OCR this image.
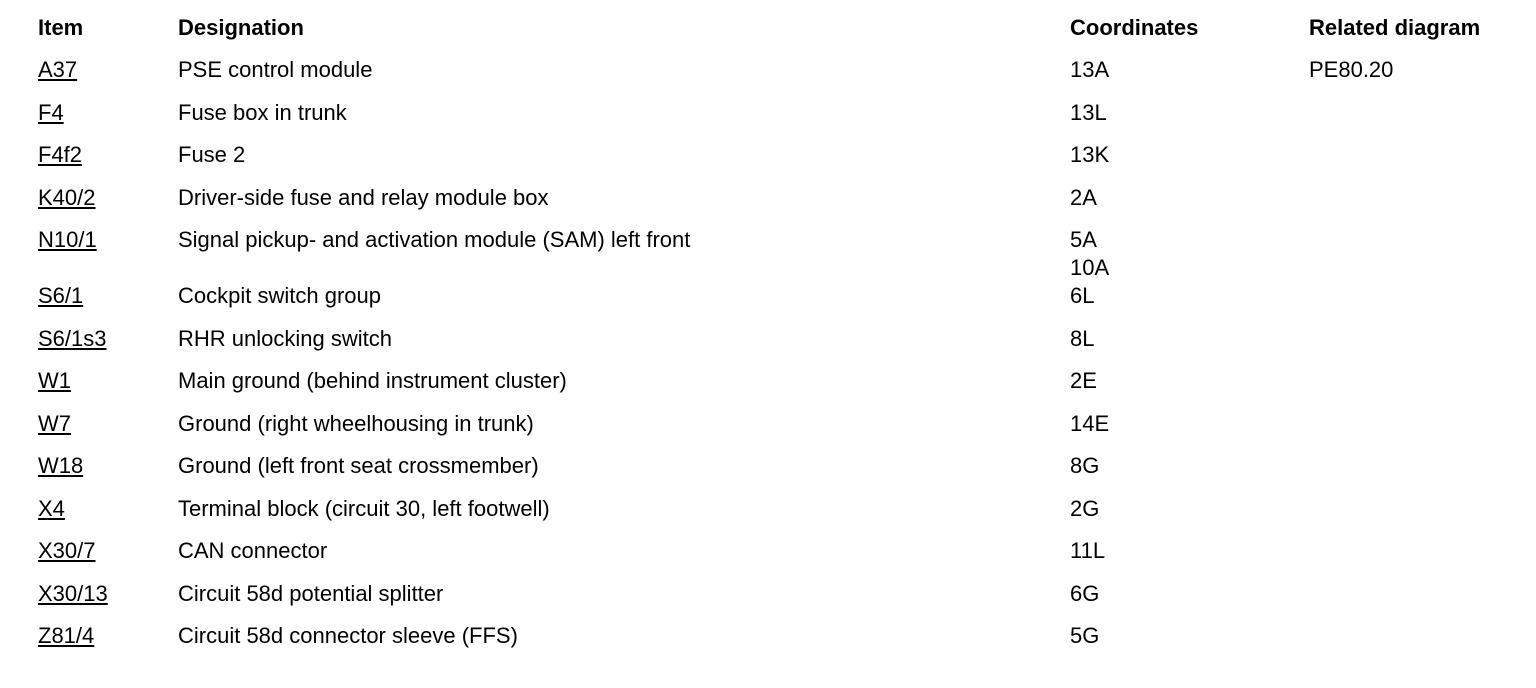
Item	Designation	Coordinates	Related diagram
A37	PSE control module	13A	PE80.20
F4	Fuse box in trunk	13L
F4f2	Fuse 2	13K
K40/2	Driver-side fuse and relay module box	2A
N10/1	Signal pickup- and activation module (SAM) left front	5A
10A
S6/1	Cockpit switch group	6L
S6/1s3	RHR unlocking switch	8L
W1	Main ground (behind instrument cluster)	2E
W7	Ground (right wheelhousing in trunk)	14E
W18	Ground (left front seat crossmember)	8G
X4	Terminal block (circuit 30, left footwell)	2G
X30/7	CAN connector	11L
X30/13	Circuit 58d potential splitter	6G
Z81/4	Circuit 58d connector sleeve (FFS)	5G
